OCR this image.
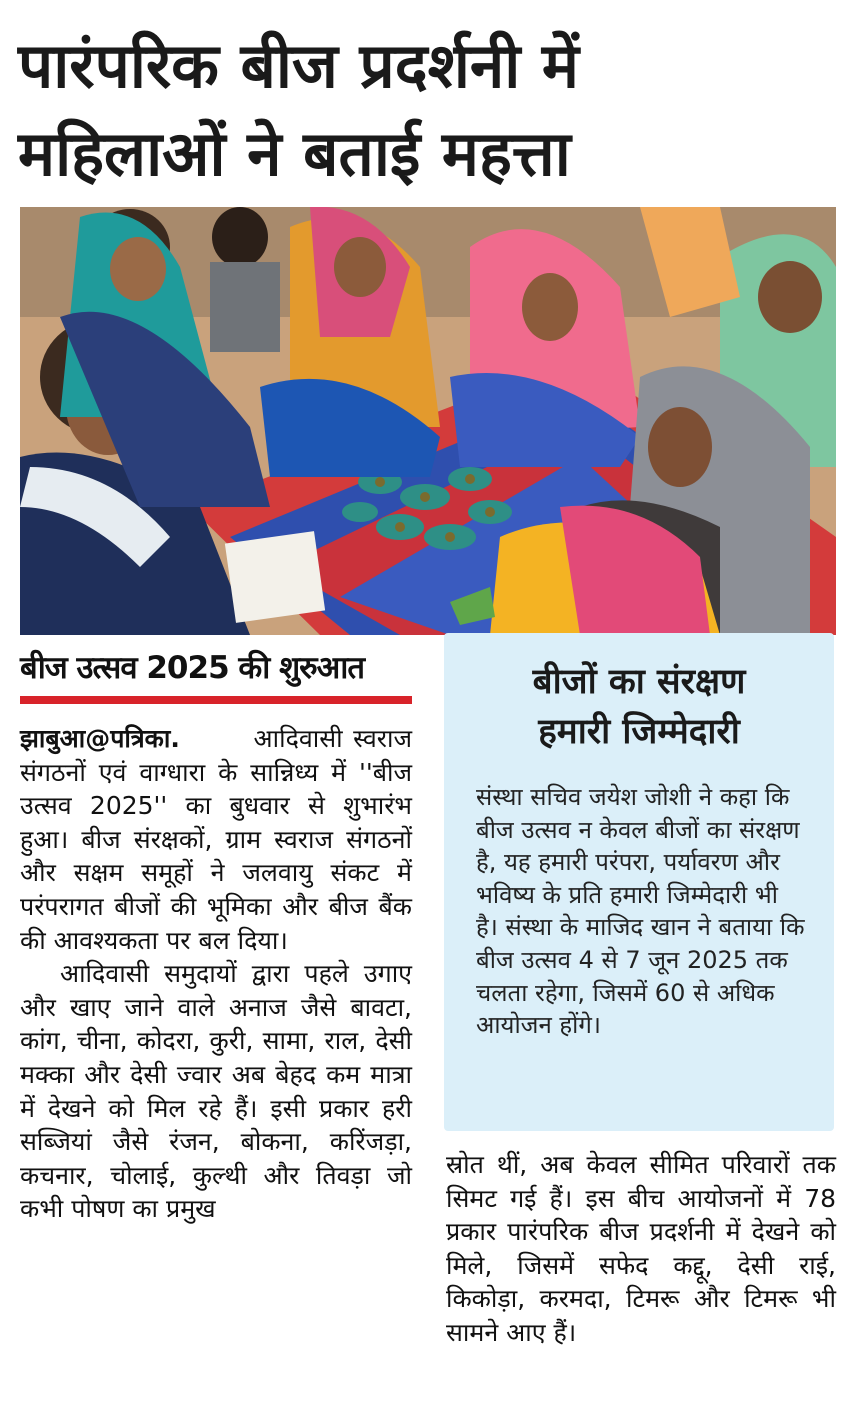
पारंपरिक बीज प्रदर्शनी में
महिलाओं ने बताई महत्ता
बीज उत्सव 2025 की शुरुआत

झाबुआ@पत्रिका.	आदिवासी स्वराज संगठनों एवं वाग्धारा के सान्निध्य में ''बीज उत्सव 2025'' का बुधवार से शुभारंभ हुआ। बीज संरक्षकों, ग्राम स्वराज संगठनों और सक्षम समूहों ने जलवायु संकट में परंपरागत बीजों की भूमिका और बीज बैंक की आवश्यकता पर बल दिया।

आदिवासी समुदायों द्वारा पहले उगाए और खाए जाने वाले अनाज जैसे बावटा, कांग, चीना, कोदरा, कुरी, सामा, राल, देसी मक्का और देसी ज्वार अब बेहद कम मात्रा में देखने को मिल रहे हैं। इसी प्रकार हरी सब्जियां जैसे रंजन, बोकना, करिंजड़ा, कचनार, चोलाई, कुल्थी और तिवड़ा जो कभी पोषण का प्रमुख

बीजों का संरक्षण
हमारी जिम्मेदारी
संस्था सचिव जयेश जोशी ने कहा कि बीज उत्सव न केवल बीजों का संरक्षण है, यह हमारी परंपरा, पर्यावरण और भविष्य के प्रति हमारी जिम्मेदारी भी है। संस्था के माजिद खान ने बताया कि बीज उत्सव 4 से 7 जून 2025 तक चलता रहेगा, जिसमें 60 से अधिक आयोजन होंगे।

स्रोत थीं, अब केवल सीमित परिवारों तक सिमट गई हैं। इस बीच आयोजनों में 78 प्रकार पारंपरिक बीज प्रदर्शनी में देखने को मिले, जिसमें सफेद कद्दू, देसी राई, किकोड़ा, करमदा, टिमरू और टिमरू भी सामने आए हैं।
